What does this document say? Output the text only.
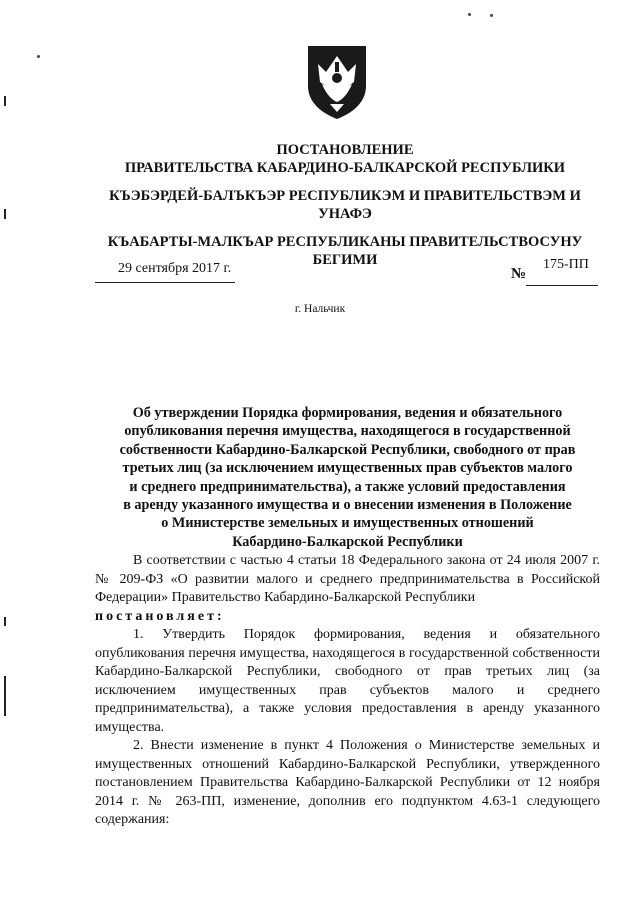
ПОСТАНОВЛЕНИЕ
ПРАВИТЕЛЬСТВА КАБАРДИНО-БАЛКАРСКОЙ РЕСПУБЛИКИ
КЪЭБЭРДЕЙ-БАЛЪКЪЭР РЕСПУБЛИКЭМ И ПРАВИТЕЛЬСТВЭМ И УНАФЭ
КЪАБАРТЫ-МАЛКЪАР РЕСПУБЛИКАНЫ ПРАВИТЕЛЬСТВОСУНУ БЕГИМИ
29 сентября 2017 г.	№
175-ПП
г. Нальчик
Об утверждении Порядка формирования, ведения и обязательного
опубликования перечня имущества, находящегося в государственной
собственности Кабардино-Балкарской Республики, свободного от прав
третьих лиц (за исключением имущественных прав субъектов малого
и среднего предпринимательства), а также условий предоставления
в аренду указанного имущества и о внесении изменения в Положение
о Министерстве земельных и имущественных отношений
Кабардино-Балкарской Республики

В соответствии с частью 4 статьи 18 Федерального закона от 24 июля 2007 г. № 209-ФЗ «О развитии малого и среднего предпринимательства в Российской Федерации» Правительство Кабардино-Балкарской Республики

постановляет:

1. Утвердить Порядок формирования, ведения и обязательного опубликования перечня имущества, находящегося в государственной собственности Кабардино-Балкарской Республики, свободного от прав третьих лиц (за исключением имущественных прав субъектов малого и среднего предпринимательства), а также условия предоставления в аренду указанного имущества.

2. Внести изменение в пункт 4 Положения о Министерстве земельных и имущественных отношений Кабардино-Балкарской Республики, утвержденного постановлением Правительства Кабардино-Балкарской Республики от 12 ноября 2014 г. № 263-ПП, изменение, дополнив его подпунктом 4.63-1 следующего содержания:
